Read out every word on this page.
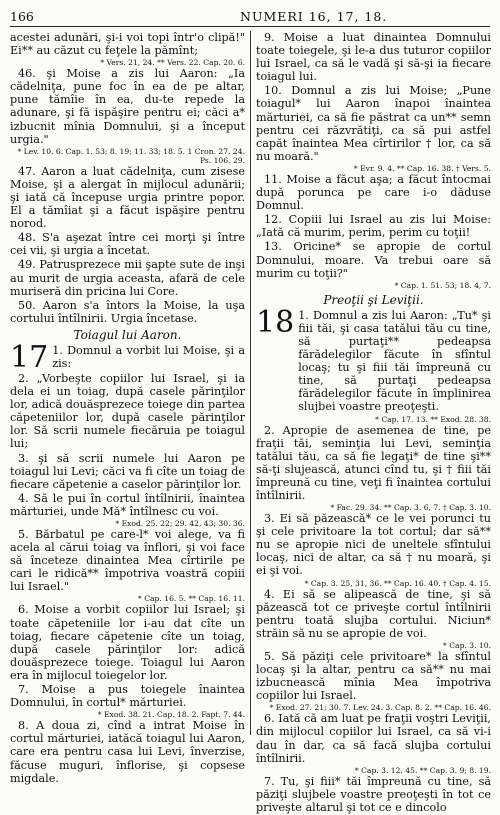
166	NUMERI 16, 17, 18.

acestei adunări, şi-i voi topi într'o clipă!" Ei** au căzut cu feţele la pămînt;

* Vers. 21, 24. ** Vers. 22. Cap. 20. 6.

46. şi Moise a zis lui Aaron: „Ia cădelniţa, pune foc în ea de pe altar, pune tămîie în ea, du-te repede la adunare, şi fă ispăşire pentru ei; căci a* izbucnit mînia Domnului, şi a început urgia."

* Lev. 10. 6. Cap. 1. 53; 8. 19; 11. 33; 18. 5. 1 Cron. 27. 24. Ps. 106. 29.

47. Aaron a luat cădelniţa, cum zisese Moise, şi a alergat în mijlocul adunării; şi iată că începuse urgia printre popor. El a tămîiat şi a făcut ispăşire pentru norod.

48. S'a aşezat între cei morţi şi între cei vii, şi urgia a încetat.

49. Patrusprezece mii şapte sute de inşi au murit de urgia aceasta, afară de cele muriseră din pricina lui Core.

50. Aaron s'a întors la Moise, la uşa cortului întîlnirii. Urgia încetase.

Toiagul lui Aaron.
17 1. Domnul a vorbit lui Moise, şi a zis:

2. „Vorbeşte copiilor lui Israel, şi ia dela ei un toiag, după casele părinţilor lor, adică douăsprezece toiege din partea căpeteniilor lor, după casele părinţilor lor. Să scrii numele fiecăruia pe toiagul lui;

3. şi să scrii numele lui Aaron pe toiagul lui Levi; căci va fi cîte un toiag de fiecare căpetenie a caselor părinţilor lor.

4. Să le pui în cortul întîlnirii, înaintea mărturiei, unde Mă* întîlnesc cu voi.

* Exod. 25. 22; 29. 42, 43; 30. 36.

5. Bărbatul pe care-l* voi alege, va fi acela al cărui toiag va înflori, şi voi face să înceteze dinaintea Mea cîrtirile pe cari le ridică** împotriva voastră copiii lui Israel."

* Cap. 16. 5. ** Cap. 16. 11.

6. Moise a vorbit copiilor lui Israel; şi toate căpeteniile lor i-au dat cîte un toiag, fiecare căpetenie cîte un toiag, după casele părinţilor lor: adică douăsprezece toiege. Toiagul lui Aaron era în mijlocul toiegelor lor.

7. Moise a pus toiegele înaintea Domnului, în cortul* mărturiei.

* Exod. 38. 21. Cap. 18. 2. Fapt. 7. 44.

8. A doua zi, cînd a intrat Moise în cortul mărturiei, iatăcă toiagul lui Aaron, care era pentru casa lui Levi, înverzise, făcuse muguri, înflorise, şi copsese migdale.

9. Moise a luat dinaintea Domnului toate toiegele, şi le-a dus tuturor copiilor lui Israel, ca să le vadă şi să-şi ia fiecare toiagul lui.

10. Domnul a zis lui Moise; „Pune toiagul* lui Aaron înapoi înaintea mărturiei, ca să fie păstrat ca un** semn pentru cei răzvrătiţi, ca să pui astfel capăt înaintea Mea cîrtirilor † lor, ca să nu moară."

* Evr. 9. 4. ** Cap. 16. 38. † Vers. 5.

11. Moise a făcut aşa; a făcut întocmai după porunca pe care i-o dăduse Domnul.

12. Copiii lui Israel au zis lui Moise: „Iată că murim, perim, perim cu toţii!

13. Oricine* se apropie de cortul Domnului, moare. Va trebui oare să murim cu toţii?"

* Cap. 1. 51. 53; 18. 4, 7.
Preoţii şi Leviţii.
18 1. Domnul a zis lui Aaron: „Tu* şi fiii tăi, şi casa tatălui tău cu tine, să purtaţi** pedeapsa fărădelegilor făcute în sfîntul locaş; tu şi fiii tăi împreună cu tine, să purtaţi pedeapsa fărădelegilor făcute în împlinirea slujbei voastre preoţeşti.

* Cap. 17. 13. ** Exod. 28. 38.

2. Apropie de asemenea de tine, pe fraţii tăi, seminţia lui Levi, seminţia tatălui tău, ca să fie legaţi* de tine şi** să-ţi slujească, atunci cînd tu, şi † fiii tăi împreună cu tine, veţi fi înaintea cortului întîlnirii.

* Fac. 29. 34. ** Cap. 3. 6, 7. † Cap. 3. 10.

3. Ei să păzească* ce le vei porunci tu şi cele privitoare la tot cortul; dar să** nu se apropie nici de uneltele sfîntului locaş, nici de altar, ca să † nu moară, şi ei şi voi.

* Cap. 3. 25, 31, 36. ** Cap. 16. 40. † Cap. 4. 15.

4. Ei să se alipească de tine, şi să păzească tot ce priveşte cortul întîlnirii pentru toată slujba cortului. Niciun* străin să nu se apropie de voi.

* Cap. 3. 10.

5. Să păziţi cele privitoare* la sfîntul locaş şi la altar, pentru ca să** nu mai izbucnească mînia Mea împotriva copiilor lui Israel.

* Exod. 27. 21; 30. 7. Lev. 24. 3. Cap. 8. 2. ** Cap. 16. 46.

6. Iată că am luat pe fraţii voştri Leviţii, din mijlocul copiilor lui Israel, ca să vi-i dau în dar, ca să facă slujba cortului întîlnirii.

* Cap. 3. 12, 45. ** Cap. 3. 9; 8. 19.

7. Tu, şi fiii* tăi împreună cu tine, să păziţi slujbele voastre preoţeşti în tot ce priveşte altarul şi tot ce e dincolo
